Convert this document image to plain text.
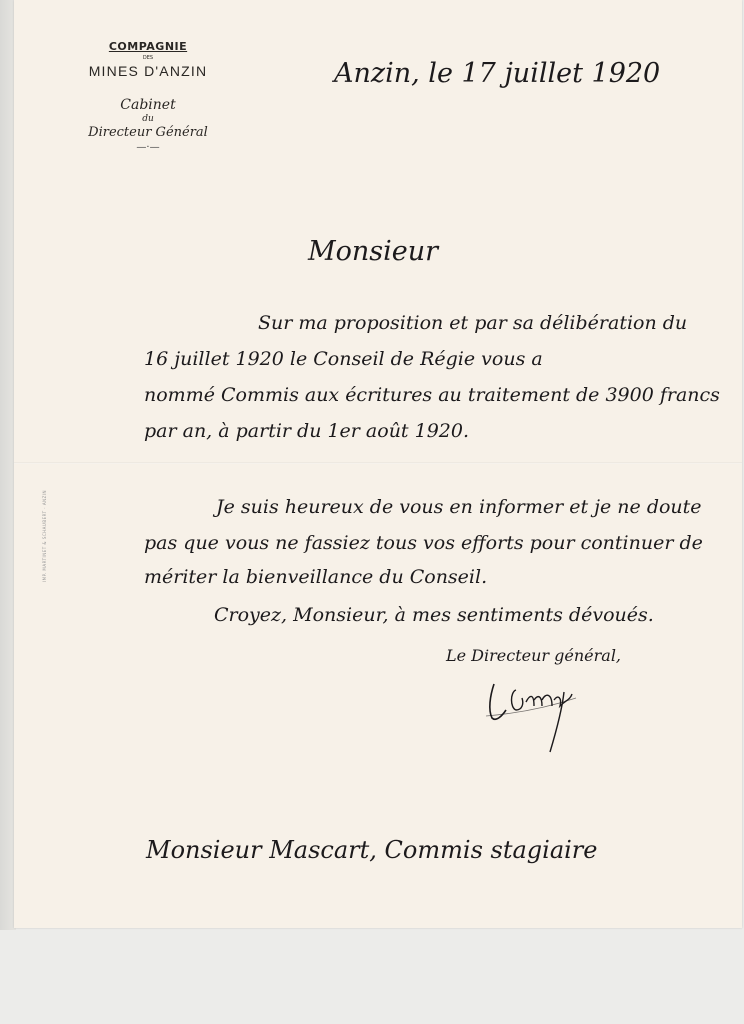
IMP. MARTINET & SCHAUBERT · ANZIN
COMPAGNIE
DES
MINES D'ANZIN
Cabinet
du
Directeur Général
—·—

Anzin, le 17 juillet 1920

Monsieur

Sur ma proposition et par sa délibération du

16 juillet 1920 le Conseil de Régie vous a

nommé Commis aux écritures au traitement de 3900 francs

par an, à partir du 1er août 1920.

Je suis heureux de vous en informer et je ne doute

pas que vous ne fassiez tous vos efforts pour continuer de

mériter la bienveillance du Conseil.

Croyez, Monsieur, à mes sentiments dévoués.

Le Directeur général,

Monsieur Mascart, Commis stagiaire
